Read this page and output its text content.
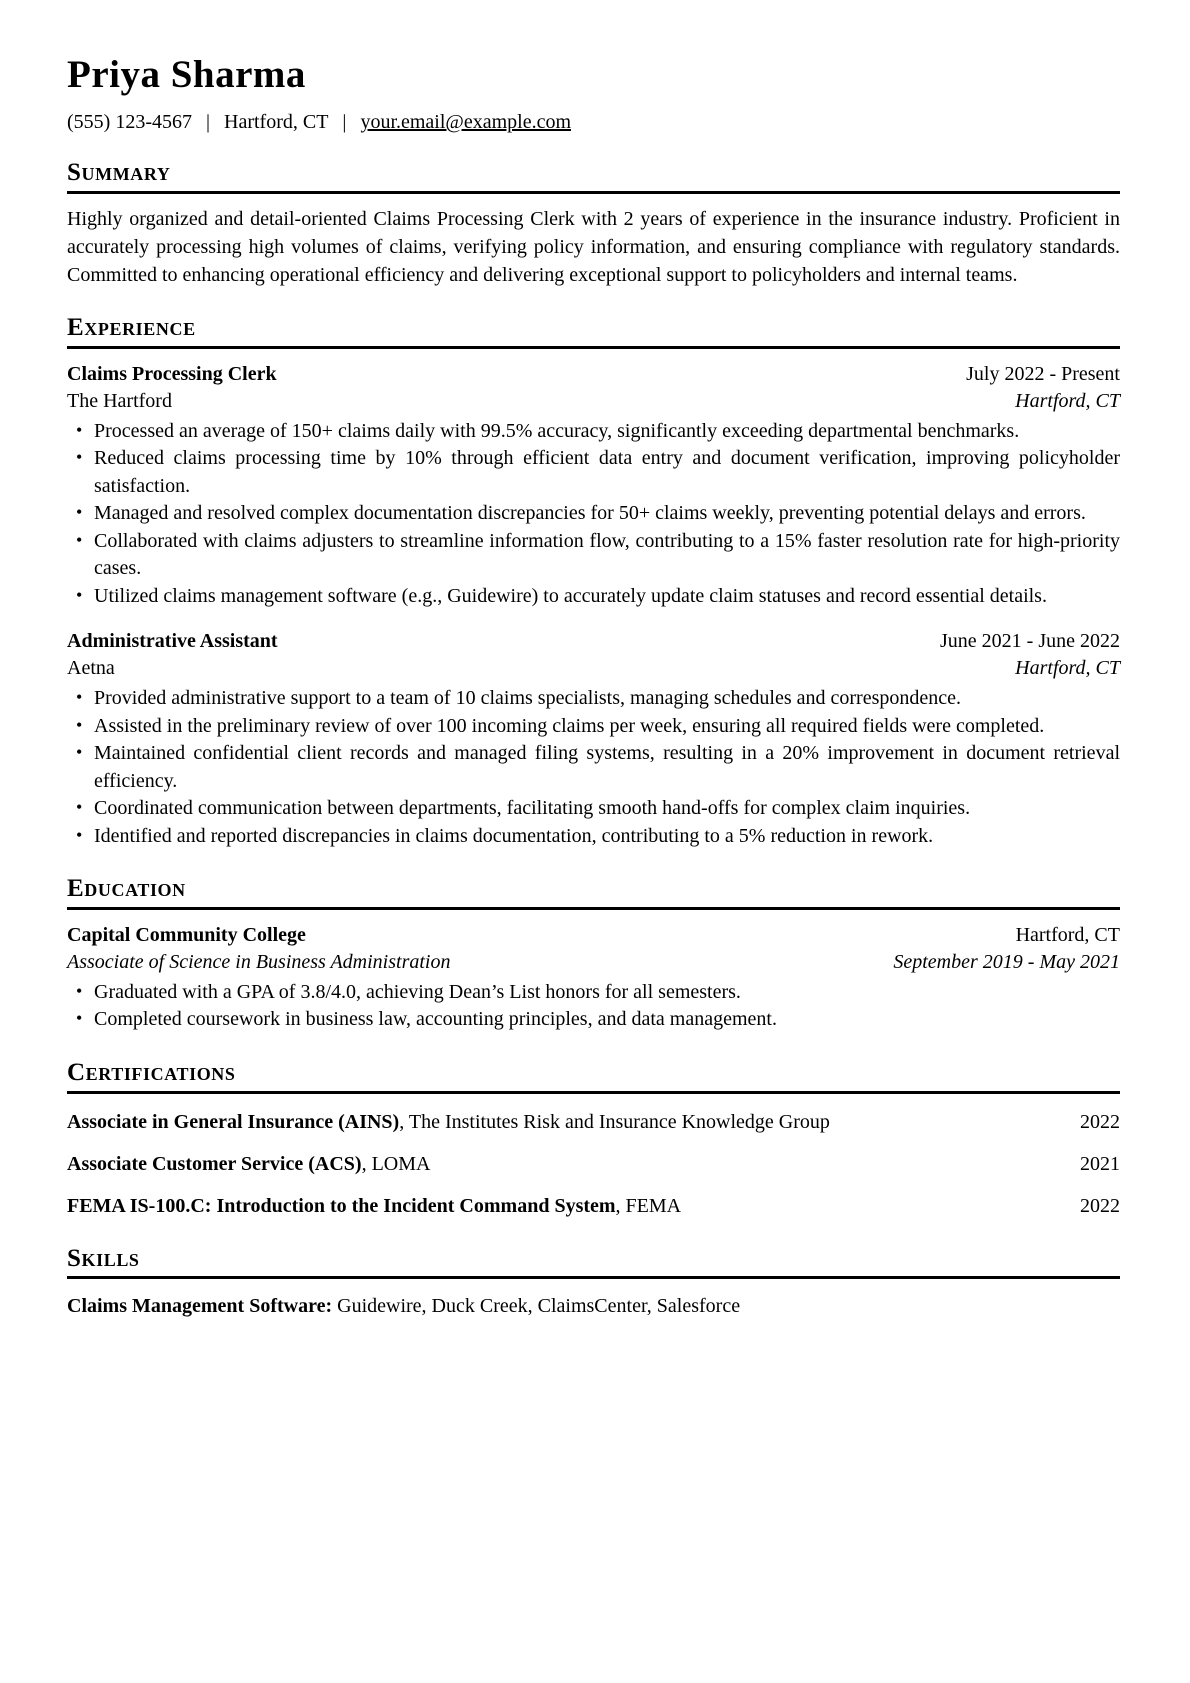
Priya Sharma
(555) 123-4567 | Hartford, CT | your.email@example.com
Summary

Highly organized and detail-oriented Claims Processing Clerk with 2 years of experience in the insurance industry. Proficient in accurately processing high volumes of claims, verifying policy information, and ensuring compliance with regulatory standards. Committed to enhancing operational efficiency and delivering exceptional support to policyholders and internal teams.

Experience
Claims Processing Clerk	July 2022 - Present
The Hartford	Hartford, CT
• Processed an average of 150+ claims daily with 99.5% accuracy, significantly exceeding departmental benchmarks.
• Reduced claims processing time by 10% through efficient data entry and document verification, improving policyholder satisfaction.
• Managed and resolved complex documentation discrepancies for 50+ claims weekly, preventing potential delays and errors.
• Collaborated with claims adjusters to streamline information flow, contributing to a 15% faster resolution rate for high-priority cases.
• Utilized claims management software (e.g., Guidewire) to accurately update claim statuses and record essential details.
Administrative Assistant	June 2021 - June 2022
Aetna	Hartford, CT
• Provided administrative support to a team of 10 claims specialists, managing schedules and correspondence.
• Assisted in the preliminary review of over 100 incoming claims per week, ensuring all required fields were completed.
• Maintained confidential client records and managed filing systems, resulting in a 20% improvement in document retrieval efficiency.
• Coordinated communication between departments, facilitating smooth hand-offs for complex claim inquiries.
• Identified and reported discrepancies in claims documentation, contributing to a 5% reduction in rework.
Education
Capital Community College	Hartford, CT
Associate of Science in Business Administration	September 2019 - May 2021
• Graduated with a GPA of 3.8/4.0, achieving Dean’s List honors for all semesters.
• Completed coursework in business law, accounting principles, and data management.
Certifications
Associate in General Insurance (AINS), The Institutes Risk and Insurance Knowledge Group	2022
Associate Customer Service (ACS), LOMA	2021
FEMA IS-100.C: Introduction to the Incident Command System, FEMA	2022
Skills
Claims Management Software: Guidewire, Duck Creek, ClaimsCenter, Salesforce
